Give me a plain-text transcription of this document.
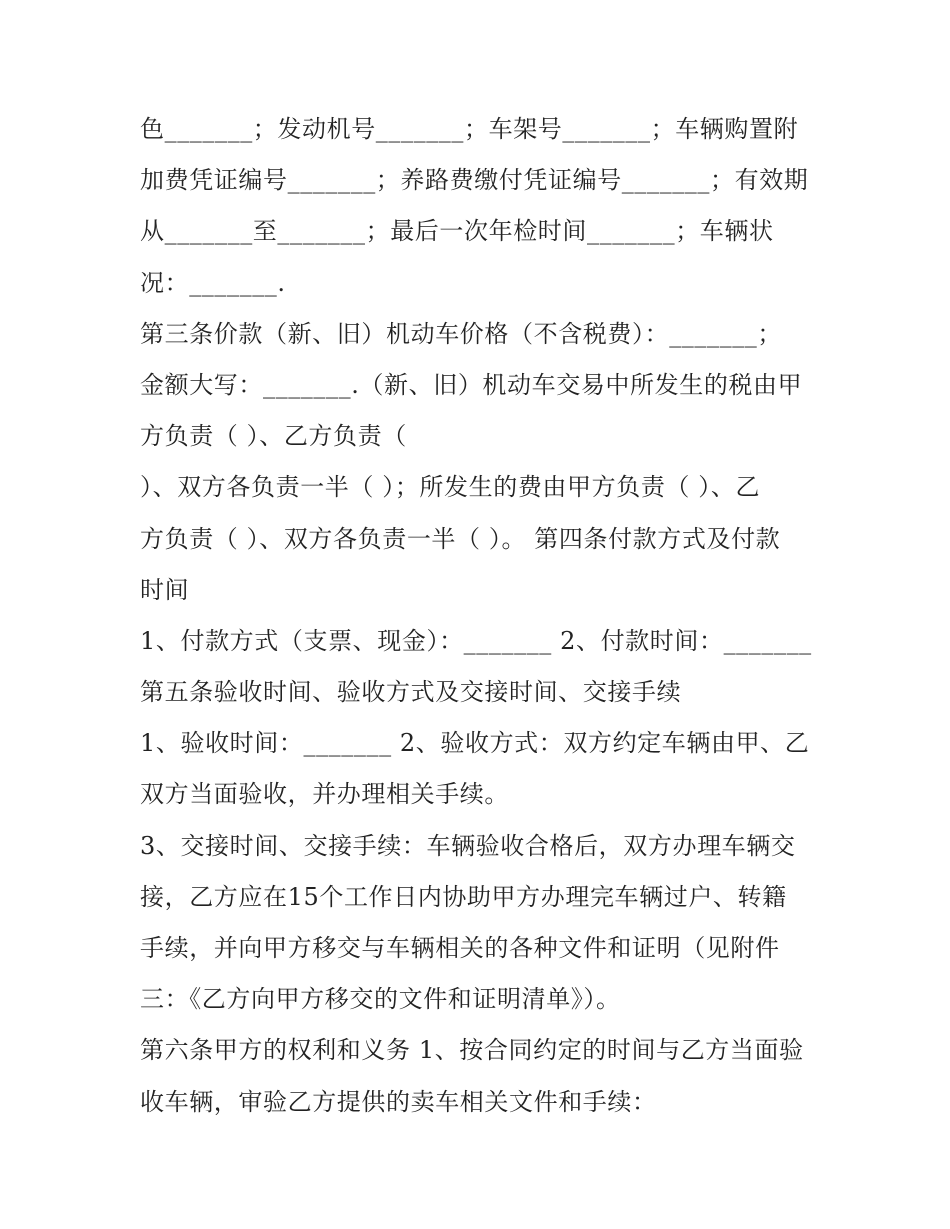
色_______；发动机号_______；车架号_______；车辆购置附
加费凭证编号_______；养路费缴付凭证编号_______；有效期
从_______至_______；最后一次年检时间_______；车辆状
况：_______.
第三条价款（新、旧）机动车价格（不含税费）：_______；
金额大写：_______.（新、旧）机动车交易中所发生的税由甲
方负责（ ）、乙方负责（
）、双方各负责一半（ ）；所发生的费由甲方负责（ ）、乙
方负责（ ）、双方各负责一半（ ）。 第四条付款方式及付款
时间
1、付款方式（支票、现金）：_______ 2、付款时间：_______
第五条验收时间、验收方式及交接时间、交接手续
1、验收时间：_______ 2、验收方式：双方约定车辆由甲、乙
双方当面验收，并办理相关手续。
3、交接时间、交接手续：车辆验收合格后，双方办理车辆交
接，乙方应在15个工作日内协助甲方办理完车辆过户、转籍
手续，并向甲方移交与车辆相关的各种文件和证明（见附件
三：《乙方向甲方移交的文件和证明清单》）。
第六条甲方的权利和义务 1、按合同约定的时间与乙方当面验
收车辆，审验乙方提供的卖车相关文件和手续：
